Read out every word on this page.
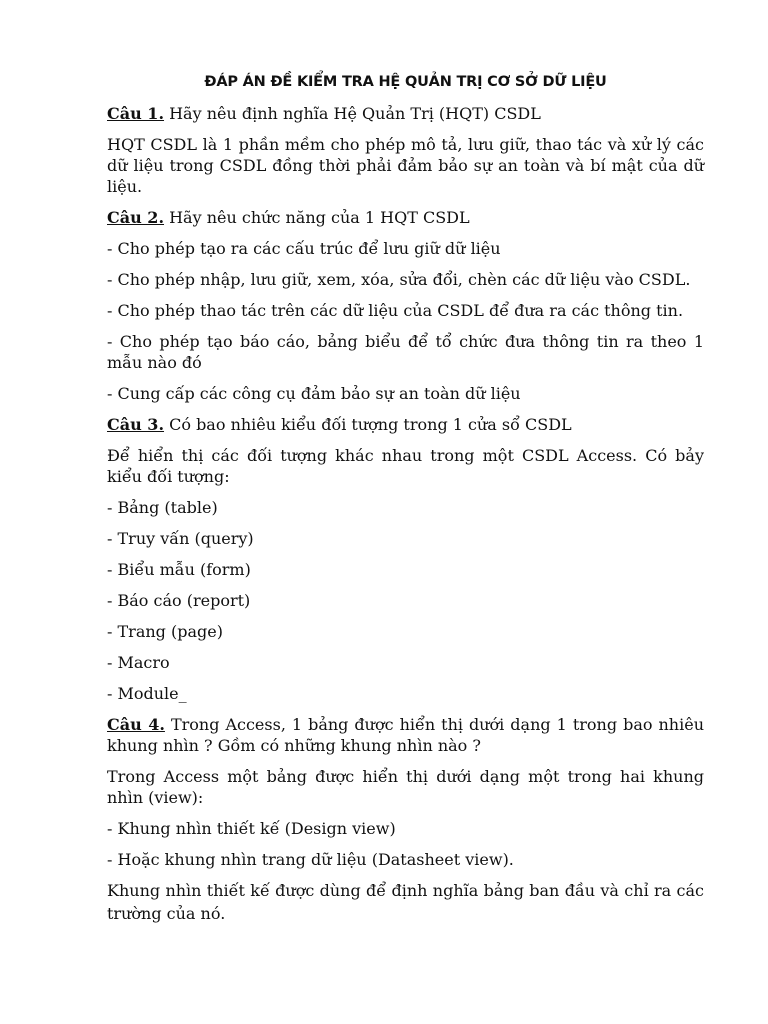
ĐÁP ÁN ĐỀ KIỂM TRA HỆ QUẢN TRỊ CƠ SỞ DỮ LIỆU
Câu 1. Hãy nêu định nghĩa Hệ Quản Trị (HQT) CSDL
HQT CSDL là 1 phần mềm cho phép mô tả, lưu giữ, thao tác và xử lý các dữ liệu trong CSDL đồng thời phải đảm bảo sự an toàn và bí mật của dữ liệu.
Câu 2. Hãy nêu chức năng của 1 HQT CSDL
- Cho phép tạo ra các cấu trúc để lưu giữ dữ liệu
- Cho phép nhập, lưu giữ, xem, xóa, sửa đổi, chèn các dữ liệu vào CSDL.
- Cho phép thao tác trên các dữ liệu của CSDL để đưa ra các thông tin.
- Cho phép tạo báo cáo, bảng biểu để tổ chức đưa thông tin ra theo 1 mẫu nào đó
- Cung cấp các công cụ đảm bảo sự an toàn dữ liệu
Câu 3. Có bao nhiêu kiểu đối tượng trong 1 cửa sổ CSDL
Để hiển thị các đối tượng khác nhau trong một CSDL Access. Có bảy kiểu đối tượng:
- Bảng (table)
- Truy vấn (query)
- Biểu mẫu (form)
- Báo cáo (report)
- Trang (page)
- Macro
- Module_
Câu 4. Trong Access, 1 bảng được hiển thị dưới dạng 1 trong bao nhiêu khung nhìn ? Gồm có những khung nhìn nào ?
Trong Access một bảng được hiển thị dưới dạng một trong hai khung nhìn (view):
- Khung nhìn thiết kế (Design view)
- Hoặc khung nhìn trang dữ liệu (Datasheet view).
Khung nhìn thiết kế được dùng để định nghĩa bảng ban đầu và chỉ ra các trường của nó.
